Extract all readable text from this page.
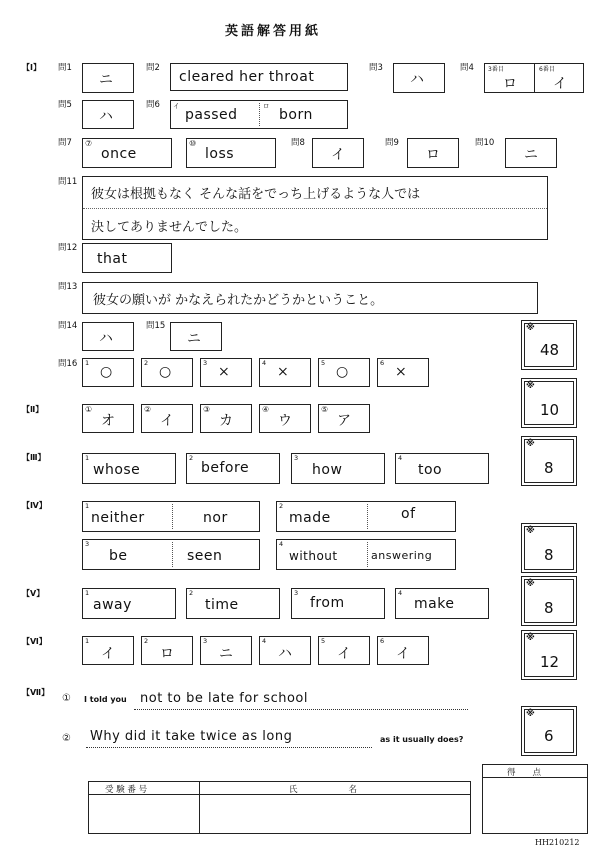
英語解答用紙
【Ⅰ】 問1
ニ
問2
cleared her throat
問3
ハ
問4 3番目	6番目
ロ	イ
問5
ハ
問6 イ
passed
ロ
born
問7 ⑦
once
⑩
loss
問8
イ
問9
ロ
問10
ニ
問11
彼女は根拠もなく そんな話をでっち上げるような人では
決してありませんでした。
問12
that
問13
彼女の願いが かなえられたかどうかということ。
問14
ハ
問15
ニ
問16 1
○
2
○
3
×
4
×
5
○
6
×
【Ⅱ】	①
オ
②
イ
③
カ
④
ウ
⑤
ア
【Ⅲ】	1
whose
2
before
3
how
4
too
【Ⅳ】	1
neither	nor
2
made	of
3
be	seen
4
without	answering
【Ⅴ】	1
away
2
time
3
from
4
make
【Ⅵ】	1
イ
2
ロ
3
ニ
4
ハ
5
イ
6
イ
【Ⅶ】
① I told you not to be late for school
② Why did it take twice as long	as it usually does?
※
48
※
10
※
8
※
8
※
8
※
12
※
6
受 験 番 号	氏　　　　　　名
得　　点
HH210212
